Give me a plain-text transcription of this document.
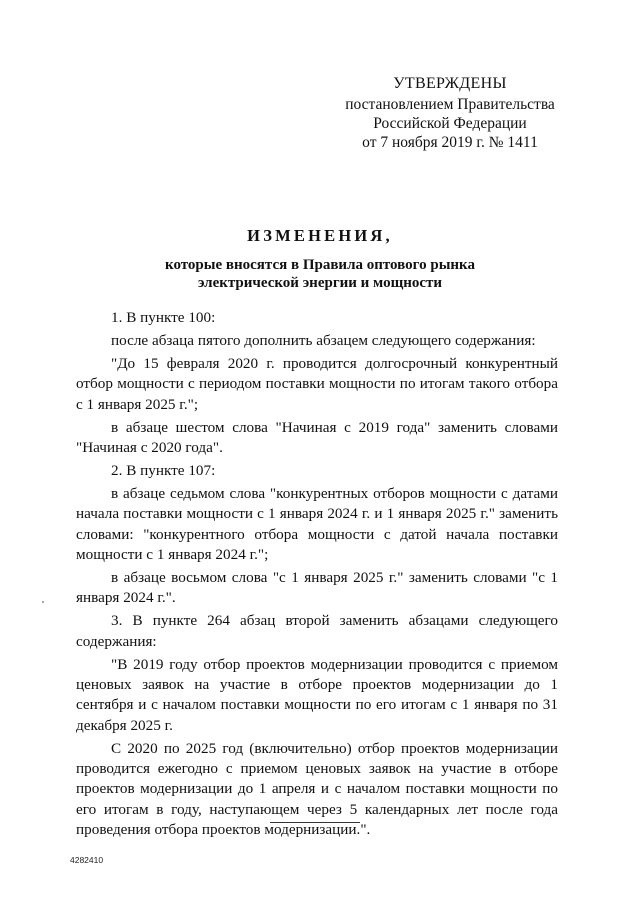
УТВЕРЖДЕНЫ
постановлением Правительства
Российской Федерации
от 7 ноября 2019 г. № 1411
ИЗМЕНЕНИЯ,
которые вносятся в Правила оптового рынка
электрической энергии и мощности

1. В пункте 100:

после абзаца пятого дополнить абзацем следующего содержания:

"До 15 февраля 2020 г. проводится долгосрочный конкурентный отбор мощности с периодом поставки мощности по итогам такого отбора с 1 января 2025 г.";

в абзаце шестом слова "Начиная с 2019 года" заменить словами "Начиная с 2020 года".

2. В пункте 107:

в абзаце седьмом слова "конкурентных отборов мощности с датами начала поставки мощности с 1 января 2024 г. и 1 января 2025 г." заменить словами: "конкурентного отбора мощности с датой начала поставки мощности с 1 января 2024 г.";

в абзаце восьмом слова "с 1 января 2025 г." заменить словами "с 1 января 2024 г.".

3. В пункте 264 абзац второй заменить абзацами следующего содержания:

"В 2019 году отбор проектов модернизации проводится с приемом ценовых заявок на участие в отборе проектов модернизации до 1 сентября и с началом поставки мощности по его итогам с 1 января по 31 декабря 2025 г.

С 2020 по 2025 год (включительно) отбор проектов модернизации проводится ежегодно с приемом ценовых заявок на участие в отборе проектов модернизации до 1 апреля и с началом поставки мощности по его итогам в году, наступающем через 5 календарных лет после года проведения отбора проектов модернизации.".

4282410
